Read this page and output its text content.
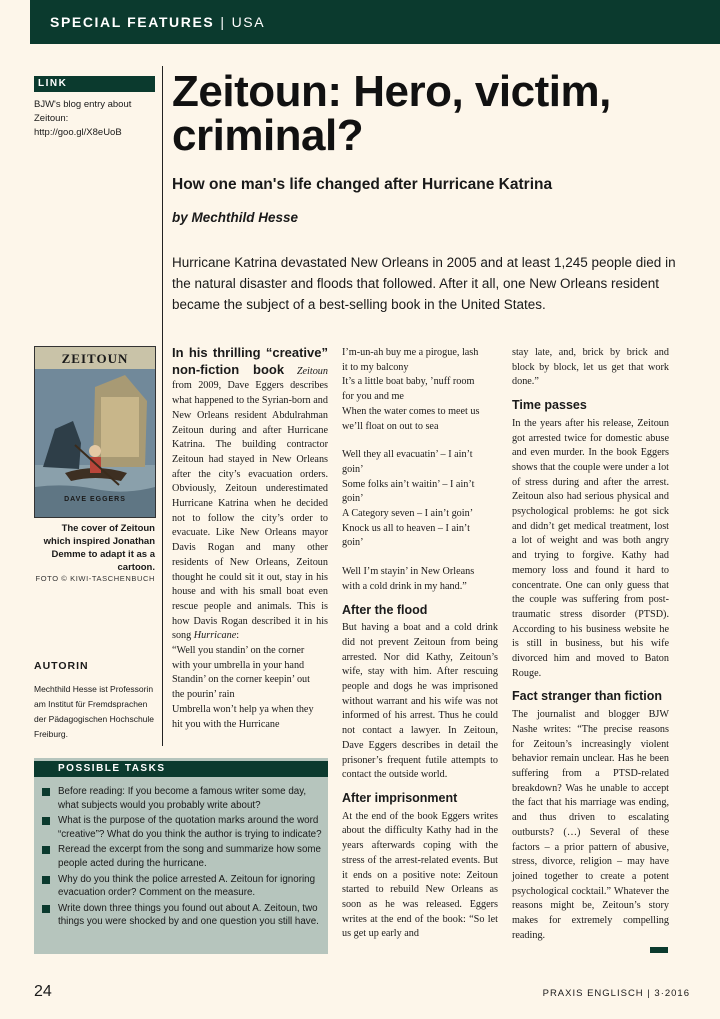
SPECIAL FEATURES | USA
LINK
BJW's blog entry about Zeitoun: http://goo.gl/X8eUoB
Zeitoun: Hero, victim, criminal?
How one man's life changed after Hurricane Katrina
by Mechthild Hesse

Hurricane Katrina devastated New Orleans in 2005 and at least 1,245 people died in the natural disaster and floods that followed. After it all, one New Orleans resident became the subject of a best-selling book in the United States.

ZEITOUN
DAVE EGGERS
The cover of Zeitoun which inspired Jonathan Demme to adapt it as a cartoon.
FOTO © KIWI-TASCHENBUCH
AUTORIN
Mechthild Hesse ist Professorin am Institut für Fremdsprachen der Pädagogischen Hochschule Freiburg.

In his thrilling “creative” non-fiction book Zeitoun from 2009, Dave Eggers describes what happened to the Syrian-born and New Orleans resident Abdulrahman Zeitoun during and after Hurricane Katrina. The building contractor Zeitoun had stayed in New Orleans after the city’s evacuation orders. Obviously, Zeitoun underestimated Hurricane Katrina when he decided not to follow the city’s order to evacuate. Like New Orleans mayor Davis Rogan and many other residents of New Orleans, Zeitoun thought he could sit it out, stay in his house and with his small boat even rescue people and animals. This is how Davis Rogan described it in his song Hurricane:

“Well you standin’ on the corner
with your umbrella in your hand
Standin’ on the corner keepin’ out
the pourin’ rain
Umbrella won’t help ya when they
hit you with the Hurricane
I’m-un-ah buy me a pirogue, lash
it to my balcony
It’s a little boat baby, ’nuff room
for you and me
When the water comes to meet us
we’ll float on out to sea
Well they all evacuatin’ – I ain’t
goin’
Some folks ain’t waitin’ – I ain’t
goin’
A Category seven – I ain’t goin’
Knock us all to heaven – I ain’t
goin’
Well I’m stayin’ in New Orleans
with a cold drink in my hand.”
After the flood

But having a boat and a cold drink did not prevent Zeitoun from being arrested. Nor did Kathy, Zeitoun’s wife, stay with him. After rescuing people and dogs he was imprisoned without warrant and his wife was not informed of his arrest. Thus he could not contact a lawyer. In Zeitoun, Dave Eggers describes in detail the prisoner’s frequent futile attempts to contact the outside world.

After imprisonment

At the end of the book Eggers writes about the difficulty Kathy had in the years afterwards coping with the stress of the arrest-related events. But it ends on a positive note: Zeitoun started to rebuild New Orleans as soon as he was released. Eggers writes at the end of the book: “So let us get up early and

stay late, and, brick by brick and block by block, let us get that work done.”

Time passes

In the years after his release, Zeitoun got arrested twice for domestic abuse and even murder. In the book Eggers shows that the couple were under a lot of stress during and after the arrest. Zeitoun also had serious physical and psychological problems: he got sick and didn’t get medical treatment, lost a lot of weight and was both angry and trying to forgive. Kathy had memory loss and found it hard to concentrate. One can only guess that the couple was suffering from post-traumatic stress disorder (PTSD). According to his business website he is still in business, but his wife divorced him and moved to Baton Rouge.

Fact stranger than fiction

The journalist and blogger BJW Nashe writes: “The precise reasons for Zeitoun’s increasingly violent behavior remain unclear. Has he been suffering from a PTSD-related breakdown? Was he unable to accept the fact that his marriage was ending, and thus driven to escalating outbursts? (…) Several of these factors – a prior pattern of abusive, stress, divorce, religion – may have joined together to create a potent psychological cocktail.” Whatever the reasons might be, Zeitoun’s story makes for extremely compelling reading.

POSSIBLE TASKS
Before reading: If you become a famous writer some day, what subjects would you probably write about?
What is the purpose of the quotation marks around the word “creative”? What do you think the author is trying to indicate?
Reread the excerpt from the song and summarize how some people acted during the hurricane.
Why do you think the police arrested A. Zeitoun for ignoring evacuation order? Comment on the measure.
Write down three things you found out about A. Zeitoun, two things you were shocked by and one question you still have.
24	PRAXIS ENGLISCH | 3·2016
